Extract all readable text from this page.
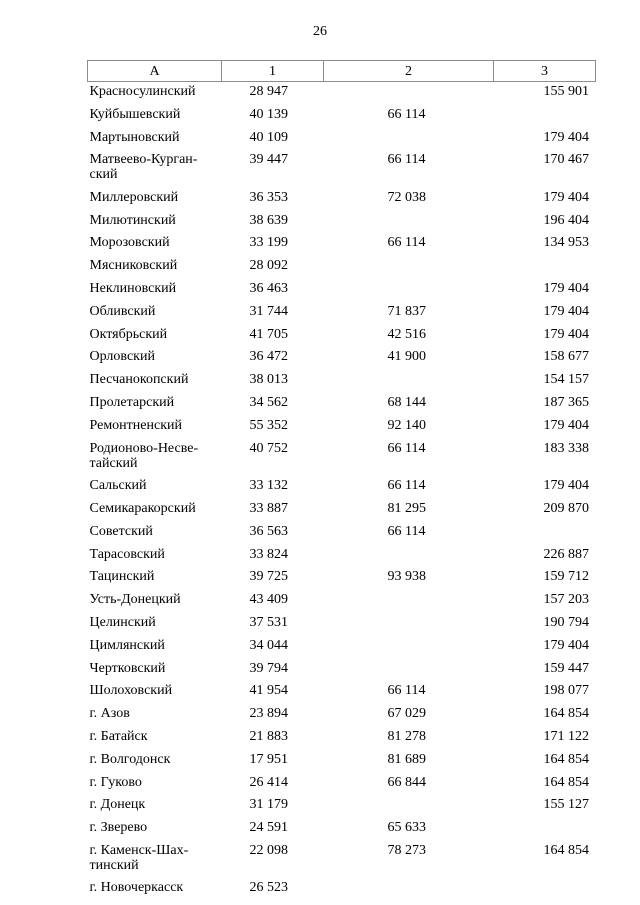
26
А	1	2	3
Красносулинский	28 947		155 901
Куйбышевский	40 139	66 114	
Мартыновский	40 109		179 404
Матвеево-Курган-ский	39 447	66 114	170 467
Миллеровский	36 353	72 038	179 404
Милютинский	38 639		196 404
Морозовский	33 199	66 114	134 953
Мясниковский	28 092		
Неклиновский	36 463		179 404
Обливский	31 744	71 837	179 404
Октябрьский	41 705	42 516	179 404
Орловский	36 472	41 900	158 677
Песчанокопский	38 013		154 157
Пролетарский	34 562	68 144	187 365
Ремонтненский	55 352	92 140	179 404
Родионово-Несве-тайский	40 752	66 114	183 338
Сальский	33 132	66 114	179 404
Семикаракорский	33 887	81 295	209 870
Советский	36 563	66 114	
Тарасовский	33 824		226 887
Тацинский	39 725	93 938	159 712
Усть-Донецкий	43 409		157 203
Целинский	37 531		190 794
Цимлянский	34 044		179 404
Чертковский	39 794		159 447
Шолоховский	41 954	66 114	198 077
г. Азов	23 894	67 029	164 854
г. Батайск	21 883	81 278	171 122
г. Волгодонск	17 951	81 689	164 854
г. Гуково	26 414	66 844	164 854
г. Донецк	31 179		155 127
г. Зверево	24 591	65 633	
г. Каменск-Шах-тинский	22 098	78 273	164 854
г. Новочеркасск	26 523		
